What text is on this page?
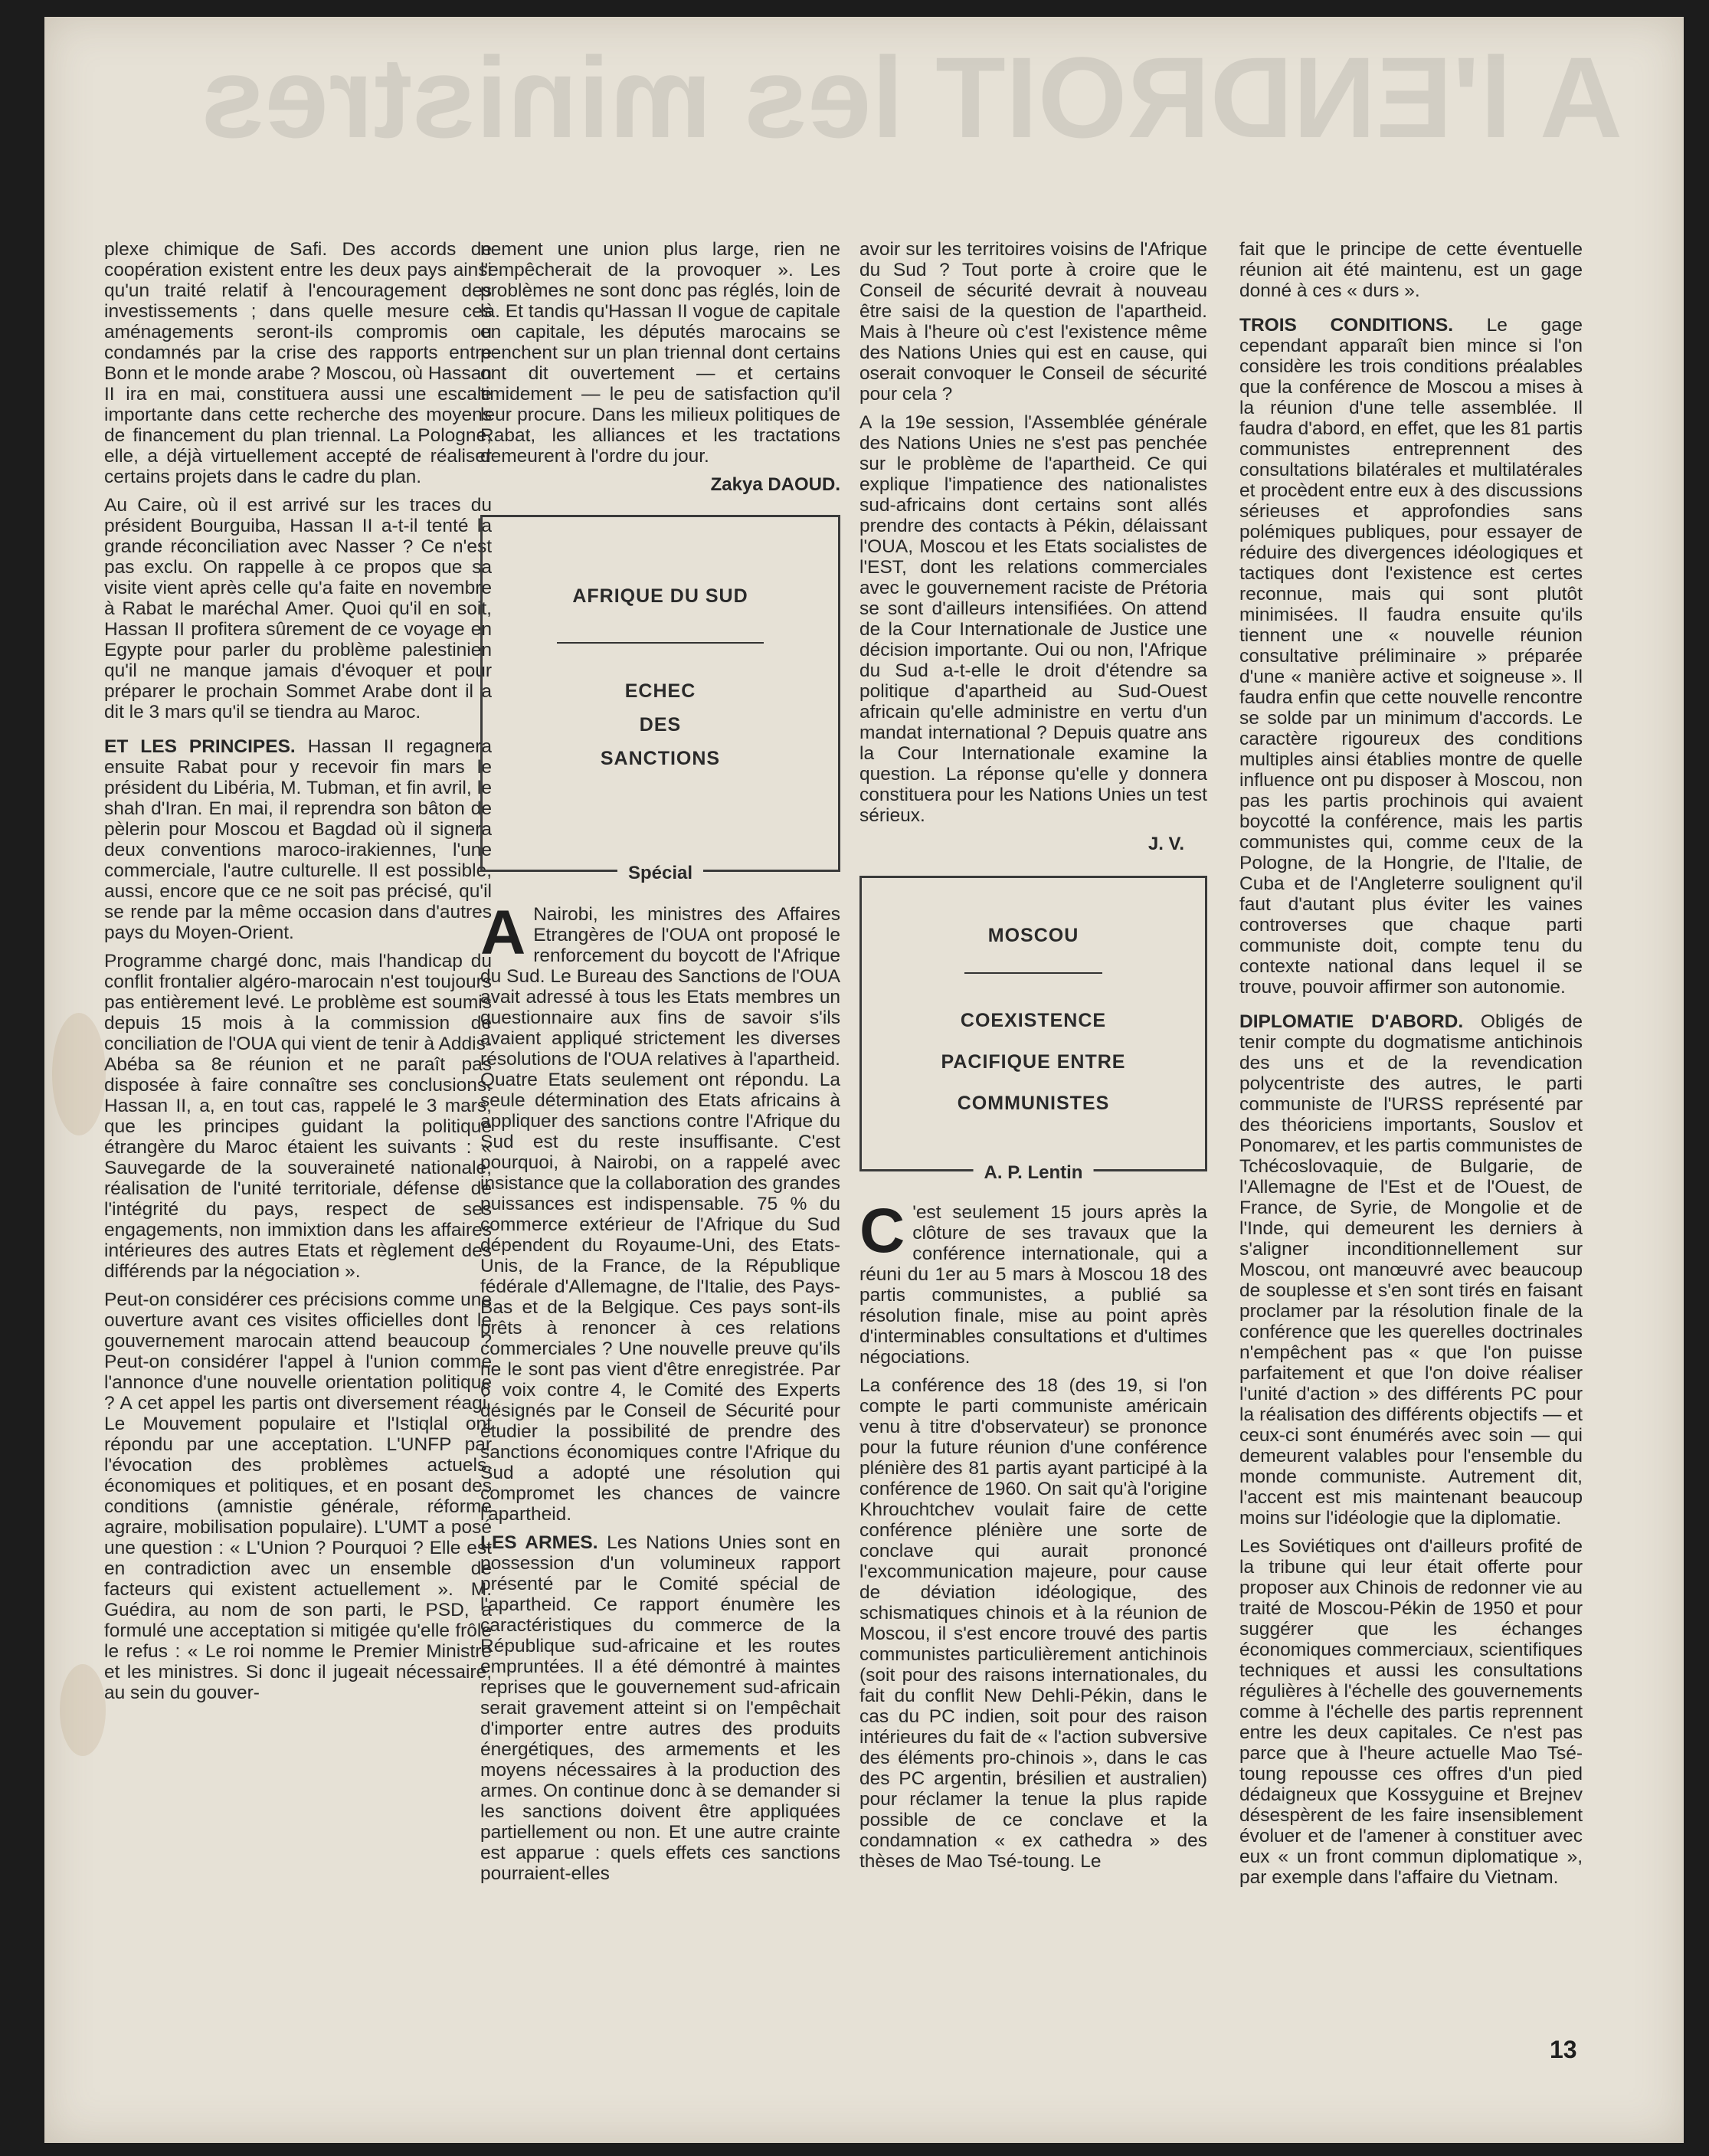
A l'ENDROIT les ministres

plexe chimique de Safi. Des accords de coopération existent entre les deux pays ainsi qu'un traité relatif à l'encouragement des investissements ; dans quelle mesure ces aménagements seront-ils compromis ou condamnés par la crise des rapports entre Bonn et le monde arabe ? Moscou, où Hassan II ira en mai, constituera aussi une escale importante dans cette recherche des moyens de financement du plan triennal. La Pologne, elle, a déjà virtuellement accepté de réaliser certains projets dans le cadre du plan.

Au Caire, où il est arrivé sur les traces du président Bourguiba, Hassan II a-t-il tenté la grande réconciliation avec Nasser ? Ce n'est pas exclu. On rappelle à ce propos que sa visite vient après celle qu'a faite en novembre à Rabat le maréchal Amer. Quoi qu'il en soit, Hassan II profitera sûrement de ce voyage en Egypte pour parler du problème palestinien qu'il ne manque jamais d'évoquer et pour préparer le prochain Sommet Arabe dont il a dit le 3 mars qu'il se tiendra au Maroc.

ET LES PRINCIPES. Hassan II regagnera ensuite Rabat pour y recevoir fin mars le président du Libéria, M. Tubman, et fin avril, le shah d'Iran. En mai, il reprendra son bâton de pèlerin pour Moscou et Bagdad où il signera deux conventions maroco-irakiennes, l'une commerciale, l'autre culturelle. Il est possible, aussi, encore que ce ne soit pas précisé, qu'il se rende par la même occasion dans d'autres pays du Moyen-Orient.

Programme chargé donc, mais l'handicap du conflit frontalier algéro-marocain n'est toujours pas entièrement levé. Le problème est soumis depuis 15 mois à la commission de conciliation de l'OUA qui vient de tenir à Addis-Abéba sa 8e réunion et ne paraît pas disposée à faire connaître ses conclusions. Hassan II, a, en tout cas, rappelé le 3 mars, que les principes guidant la politique étrangère du Maroc étaient les suivants : « Sauvegarde de la souveraineté nationale, réalisation de l'unité territoriale, défense de l'intégrité du pays, respect de ses engagements, non immixtion dans les affaires intérieures des autres Etats et règlement des différends par la négociation ».

Peut-on considérer ces précisions comme une ouverture avant ces visites officielles dont le gouvernement marocain attend beaucoup ? Peut-on considérer l'appel à l'union comme l'annonce d'une nouvelle orientation politique ? A cet appel les partis ont diversement réagi. Le Mouvement populaire et l'Istiqlal ont répondu par une acceptation. L'UNFP par l'évocation des problèmes actuels, économiques et politiques, et en posant des conditions (amnistie générale, réforme agraire, mobilisation populaire). L'UMT a posé une question : « L'Union ? Pourquoi ? Elle est en contradiction avec un ensemble de facteurs qui existent actuellement ». M. Guédira, au nom de son parti, le PSD, a formulé une acceptation si mitigée qu'elle frôle le refus : « Le roi nomme le Premier Ministre et les ministres. Si donc il jugeait nécessaire, au sein du gouver-

nement une union plus large, rien ne l'empêcherait de la provoquer ». Les problèmes ne sont donc pas réglés, loin de là. Et tandis qu'Hassan II vogue de capitale en capitale, les députés marocains se penchent sur un plan triennal dont certains ont dit ouvertement — et certains timidement — le peu de satisfaction qu'il leur procure. Dans les milieux politiques de Rabat, les alliances et les tractations demeurent à l'ordre du jour.

Zakya DAOUD.
AFRIQUE DU SUD
ECHEC
DES
SANCTIONS
Spécial

A Nairobi, les ministres des Affaires Etrangères de l'OUA ont proposé le renforcement du boycott de l'Afrique du Sud. Le Bureau des Sanctions de l'OUA avait adressé à tous les Etats membres un questionnaire aux fins de savoir s'ils avaient appliqué strictement les diverses résolutions de l'OUA relatives à l'apartheid. Quatre Etats seulement ont répondu. La seule détermination des Etats africains à appliquer des sanctions contre l'Afrique du Sud est du reste insuffisante. C'est pourquoi, à Nairobi, on a rappelé avec insistance que la collaboration des grandes puissances est indispensable. 75 % du commerce extérieur de l'Afrique du Sud dépendent du Royaume-Uni, des Etats-Unis, de la France, de la République fédérale d'Allemagne, de l'Italie, des Pays-Bas et de la Belgique. Ces pays sont-ils prêts à renoncer à ces relations commerciales ? Une nouvelle preuve qu'ils ne le sont pas vient d'être enregistrée. Par 6 voix contre 4, le Comité des Experts désignés par le Conseil de Sécurité pour étudier la possibilité de prendre des sanctions économiques contre l'Afrique du Sud a adopté une résolution qui compromet les chances de vaincre l'apartheid.

LES ARMES. Les Nations Unies sont en possession d'un volumineux rapport présenté par le Comité spécial de l'apartheid. Ce rapport énumère les caractéristiques du commerce de la République sud-africaine et les routes empruntées. Il a été démontré à maintes reprises que le gouvernement sud-africain serait gravement atteint si on l'empêchait d'importer entre autres des produits énergétiques, des armements et les moyens nécessaires à la production des armes. On continue donc à se demander si les sanctions doivent être appliquées partiellement ou non. Et une autre crainte est apparue : quels effets ces sanctions pourraient-elles

avoir sur les territoires voisins de l'Afrique du Sud ? Tout porte à croire que le Conseil de sécurité devrait à nouveau être saisi de la question de l'apartheid. Mais à l'heure où c'est l'existence même des Nations Unies qui est en cause, qui oserait convoquer le Conseil de sécurité pour cela ?

A la 19e session, l'Assemblée générale des Nations Unies ne s'est pas penchée sur le problème de l'apartheid. Ce qui explique l'impatience des nationalistes sud-africains dont certains sont allés prendre des contacts à Pékin, délaissant l'OUA, Moscou et les Etats socialistes de l'EST, dont les relations commerciales avec le gouvernement raciste de Prétoria se sont d'ailleurs intensifiées. On attend de la Cour Internationale de Justice une décision importante. Oui ou non, l'Afrique du Sud a-t-elle le droit d'étendre sa politique d'apartheid au Sud-Ouest africain qu'elle administre en vertu d'un mandat international ? Depuis quatre ans la Cour Internationale examine la question. La réponse qu'elle y donnera constituera pour les Nations Unies un test sérieux.

J. V.
MOSCOU
COEXISTENCE
PACIFIQUE ENTRE
COMMUNISTES
A. P. Lentin

C 'est seulement 15 jours après la clôture de ses travaux que la conférence internationale, qui a réuni du 1er au 5 mars à Moscou 18 des partis communistes, a publié sa résolution finale, mise au point après d'interminables consultations et d'ultimes négociations.

La conférence des 18 (des 19, si l'on compte le parti communiste américain venu à titre d'observateur) se prononce pour la future réunion d'une conférence plénière des 81 partis ayant participé à la conférence de 1960. On sait qu'à l'origine Khrouchtchev voulait faire de cette conférence plénière une sorte de conclave qui aurait prononcé l'excommunication majeure, pour cause de déviation idéologique, des schismatiques chinois et à la réunion de Moscou, il s'est encore trouvé des partis communistes particulièrement antichinois (soit pour des raisons internationales, du fait du conflit New Dehli-Pékin, dans le cas du PC indien, soit pour des raison intérieures du fait de « l'action subversive des éléments pro-chinois », dans le cas des PC argentin, brésilien et australien) pour réclamer la tenue la plus rapide possible de ce conclave et la condamnation « ex cathedra » des thèses de Mao Tsé-toung. Le

fait que le principe de cette éventuelle réunion ait été maintenu, est un gage donné à ces « durs ».

TROIS CONDITIONS. Le gage cependant apparaît bien mince si l'on considère les trois conditions préalables que la conférence de Moscou a mises à la réunion d'une telle assemblée. Il faudra d'abord, en effet, que les 81 partis communistes entreprennent des consultations bilatérales et multilatérales et procèdent entre eux à des discussions sérieuses et approfondies sans polémiques publiques, pour essayer de réduire des divergences idéologiques et tactiques dont l'existence est certes reconnue, mais qui sont plutôt minimisées. Il faudra ensuite qu'ils tiennent une « nouvelle réunion consultative préliminaire » préparée d'une « manière active et soigneuse ». Il faudra enfin que cette nouvelle rencontre se solde par un minimum d'accords. Le caractère rigoureux des conditions multiples ainsi établies montre de quelle influence ont pu disposer à Moscou, non pas les partis prochinois qui avaient boycotté la conférence, mais les partis communistes qui, comme ceux de la Pologne, de la Hongrie, de l'Italie, de Cuba et de l'Angleterre soulignent qu'il faut d'autant plus éviter les vaines controverses que chaque parti communiste doit, compte tenu du contexte national dans lequel il se trouve, pouvoir affirmer son autonomie.

DIPLOMATIE D'ABORD. Obligés de tenir compte du dogmatisme antichinois des uns et de la revendication polycentriste des autres, le parti communiste de l'URSS représenté par des théoriciens importants, Souslov et Ponomarev, et les partis communistes de Tchécoslovaquie, de Bulgarie, de l'Allemagne de l'Est et de l'Ouest, de France, de Syrie, de Mongolie et de l'Inde, qui demeurent les derniers à s'aligner inconditionnellement sur Moscou, ont manœuvré avec beaucoup de souplesse et s'en sont tirés en faisant proclamer par la résolution finale de la conférence que les querelles doctrinales n'empêchent pas « que l'on puisse parfaitement et que l'on doive réaliser l'unité d'action » des différents PC pour la réalisation des différents objectifs — et ceux-ci sont énumérés avec soin — qui demeurent valables pour l'ensemble du monde communiste. Autrement dit, l'accent est mis maintenant beaucoup moins sur l'idéologie que la diplomatie.

Les Soviétiques ont d'ailleurs profité de la tribune qui leur était offerte pour proposer aux Chinois de redonner vie au traité de Moscou-Pékin de 1950 et pour suggérer que les échanges économiques commerciaux, scientifiques techniques et aussi les consultations régulières à l'échelle des gouvernements comme à l'échelle des partis reprennent entre les deux capitales. Ce n'est pas parce que à l'heure actuelle Mao Tsé-toung repousse ces offres d'un pied dédaigneux que Kossyguine et Brejnev désespèrent de les faire insensiblement évoluer et de l'amener à constituer avec eux « un front commun diplomatique », par exemple dans l'affaire du Vietnam.

13
